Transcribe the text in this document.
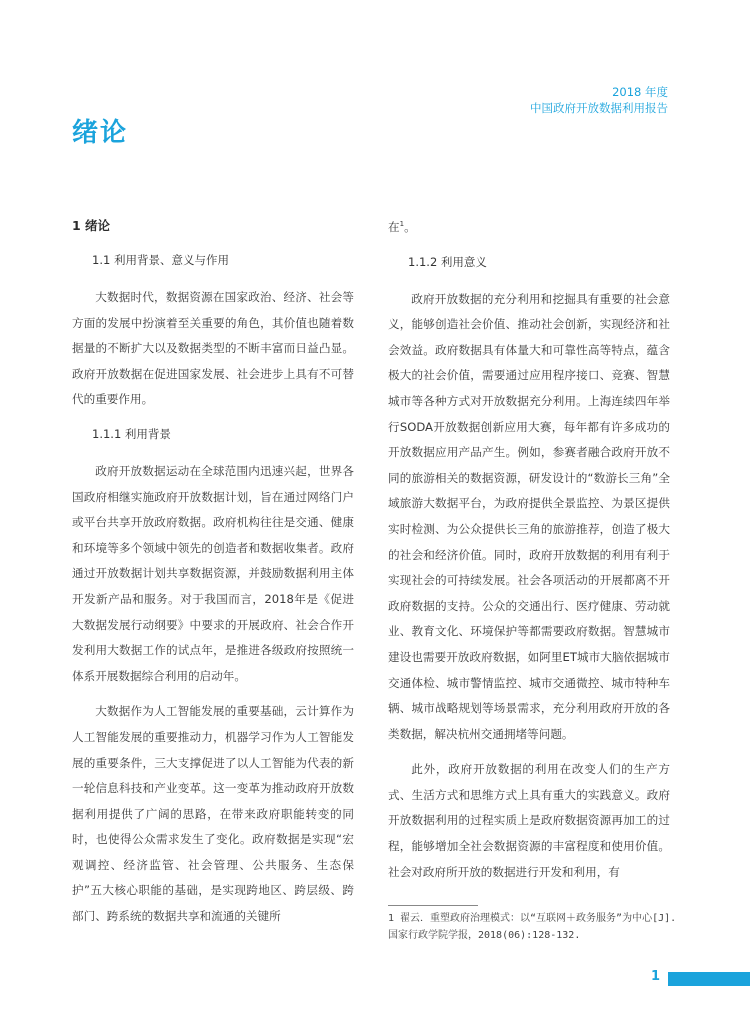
2018 年度
中国政府开放数据利用报告
绪论
1 绪论
1.1 利用背景、意义与作用

大数据时代，数据资源在国家政治、经济、社会等方面的发展中扮演着至关重要的角色，其价值也随着数据量的不断扩大以及数据类型的不断丰富而日益凸显。政府开放数据在促进国家发展、社会进步上具有不可替代的重要作用。

1.1.1 利用背景

政府开放数据运动在全球范围内迅速兴起，世界各国政府相继实施政府开放数据计划，旨在通过网络门户或平台共享开放政府数据。政府机构往往是交通、健康和环境等多个领域中领先的创造者和数据收集者。政府通过开放数据计划共享数据资源，并鼓励数据利用主体开发新产品和服务。对于我国而言，2018年是《促进大数据发展行动纲要》中要求的开展政府、社会合作开发利用大数据工作的试点年，是推进各级政府按照统一体系开展数据综合利用的启动年。

大数据作为人工智能发展的重要基础，云计算作为人工智能发展的重要推动力，机器学习作为人工智能发展的重要条件，三大支撑促进了以人工智能为代表的新一轮信息科技和产业变革。这一变革为推动政府开放数据利用提供了广阔的思路，在带来政府职能转变的同时，也使得公众需求发生了变化。政府数据是实现“宏观调控、经济监管、社会管理、公共服务、生态保护”五大核心职能的基础，是实现跨地区、跨层级、跨部门、跨系统的数据共享和流通的关键所

在$^1$。

1.1.2 利用意义

政府开放数据的充分利用和挖掘具有重要的社会意义，能够创造社会价值、推动社会创新，实现经济和社会效益。政府数据具有体量大和可靠性高等特点，蕴含极大的社会价值，需要通过应用程序接口、竞赛、智慧城市等各种方式对开放数据充分利用。上海连续四年举行SODA开放数据创新应用大赛，每年都有许多成功的开放数据应用产品产生。例如，参赛者融合政府开放不同的旅游相关的数据资源，研发设计的“数游长三角”全域旅游大数据平台，为政府提供全景监控、为景区提供实时检测、为公众提供长三角的旅游推荐，创造了极大的社会和经济价值。同时，政府开放数据的利用有利于实现社会的可持续发展。社会各项活动的开展都离不开政府数据的支持。公众的交通出行、医疗健康、劳动就业、教育文化、环境保护等都需要政府数据。智慧城市建设也需要开放政府数据，如阿里ET城市大脑依据城市交通体检、城市警情监控、城市交通微控、城市特种车辆、城市战略规划等场景需求，充分利用政府开放的各类数据，解决杭州交通拥堵等问题。

此外，政府开放数据的利用在改变人们的生产方式、生活方式和思维方式上具有重大的实践意义。政府开放数据利用的过程实质上是政府数据资源再加工的过程，能够增加全社会数据资源的丰富程度和使用价值。社会对政府所开放的数据进行开发和利用，有

1 翟云．重塑政府治理模式：以“互联网＋政务服务”为中心[J].国家行政学院学报，2018(06):128-132.
1
